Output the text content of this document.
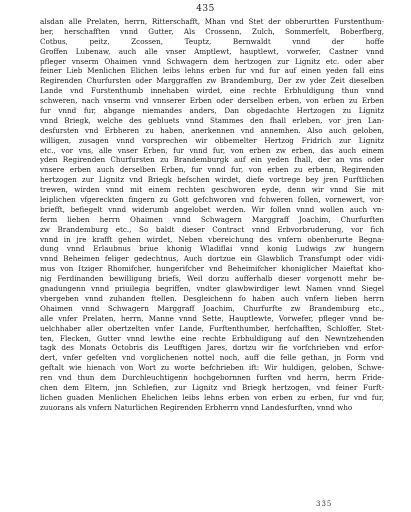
435
alsdan alle Prelaten, herrn, Ritterschafft, Mhan vnd Stet der obberurtten Furstenthum-
ber, herschafften vnnd Gutter, Als Crossenn, Zulch, Sommerfelt, Boberfberg,
Cotbus, peitz, Zcossen, Teuptz, Bernwaldt vnnd der hoffe
Groffen Lubenaw, auch alle vnser Amptlewt, hauptlewt, vorwefer, Castner vnnd
pfleger vnserm Ohaimen vnnd Schwagern dem hertzogen zur Lignitz etc. oder aber
feiner Lieb Menlichen Elichen leibs lehns erben fur vnd fur auf einen yeden fall eins
Regirenden Churfursten oder Marggraffen zw Brandemburg, Der zw yder Zeit dieselben
Lande vnd Furstenthumb innehaben wirdet, eine rechte Erbhuldigung thun vnnd
schweren, nach vnserm vnd vnnserer Erben oder derselben erben, von erben zu Erben
fur vnnd fur, abgange niemandes anders, Dan obgedachte Hertzogen zu Lignitz
vnnd Briegk, welche des gebluets vnnd Stammes den fhall erleben, vor jren Lan-
desfursten vnd Erbheren zu haben, anerkennen vnd annemhen. Also auch geloben,
willigen, zusagen vnnd vorsprechen wir obbemelter Hertzog Fridrich zur Lignitz
etc., vor vns, alle vnser Erben, fur vnnd fur, von erben zw erben, das auch einem
yden Regirenden Churfursten zu Brandemburgk auf ein yeden fhall, der an vns oder
vnsere erben auch derselben Erben, fur vnnd fur, von erben zu erbenn, Regirenden
hertzogen zur Lignitz vnd Briegk befschen wirdet, diefe vortrege bey jren Furftlichen
trewen, wirden vnnd mit einem rechten geschworen eyde, denn wir vnnd Sie mit
leiplichen vfgereckten fingern zu Gott gefchworen vnd fchweren follen, vornewert, vor-
briefft, befiegelt vnnd widerumb angelobet werden. Wir follen vnnd wollen auch vn-
ferm lieben herrn Ohaimen vnnd Schwagern Marggraff Joachim, Churfurften
zw Brandemburg etc., So baldt dieser Contract vnnd Erbvorbruderung, vor fich
vnnd in jre krafft gehen wirdet, Neben vbereichung des vnfern obenberurte Begna-
dung vnnd Erlaubnus briue khonig Wladiflai vnnd konig Ludwigs zw hungern
vnnd Beheimen feliger gedechtnus, Auch dortzue ein Glawblich Transfumpt oder vidi-
mus von Itziger Rhomifcher, hungerifcher vnd Beheimifcher khoniglicher Maieftat kho-
nig Ferdinanden bewilligung briefs, Weil dorzu aufferhalb dieser vorgenott mehr be-
gnadungenn vnnd priuilegia begriffen, vndter glawbwirdiger lewt Namen vnnd Siegel
vbergeben vnnd zuhanden ftellen. Desgleichenn fo haben auch vnfern lieben herrn
Ohaimen vnnd Schwagern Marggraff Joachim, Churfurfte zw Brandemburg etc.,
alle vnfer Prelaten, herrn, Manne vnnd Sette, Hauptlewte, Vorwefer, pfleger vnnd be-
uelchhaber aller obertzelten vnfer Lande, Furftenthumber, herfchafften, Schloffer, Stet-
ten, Flecken, Gutter vnnd lewthe eine rechte Erbhuldigung auf den Newntzehenden
tagk des Monats Octobris dis Leufftigen Jares, dortzu wir fie vorfchrieben vnd erfor-
dert, vnfer gefelten vnd vorglichenen nottel noch, auff die felle gethan, jn Form vnd
geftalt wie hienach von Wort zu worte befchrieben ift: Wir huldigen, geloben, Schwe-
ren vnd thun dem Durchleuchtigenn hochgebornnen furften vnd herrn, herrn Fride-
chen dem Eltern, jnn Schlefien, zur Lignitz vnd Briegk hertzogen, vnd feiner Furft-
lichen guaden Menlichen Ehelichen leibs lehns erben von erben zu erben, fur vnd fur,
zuuorans als vnfern Naturlichen Regirenden Erbherrn vnnd Landesfurften, vnnd who
335
